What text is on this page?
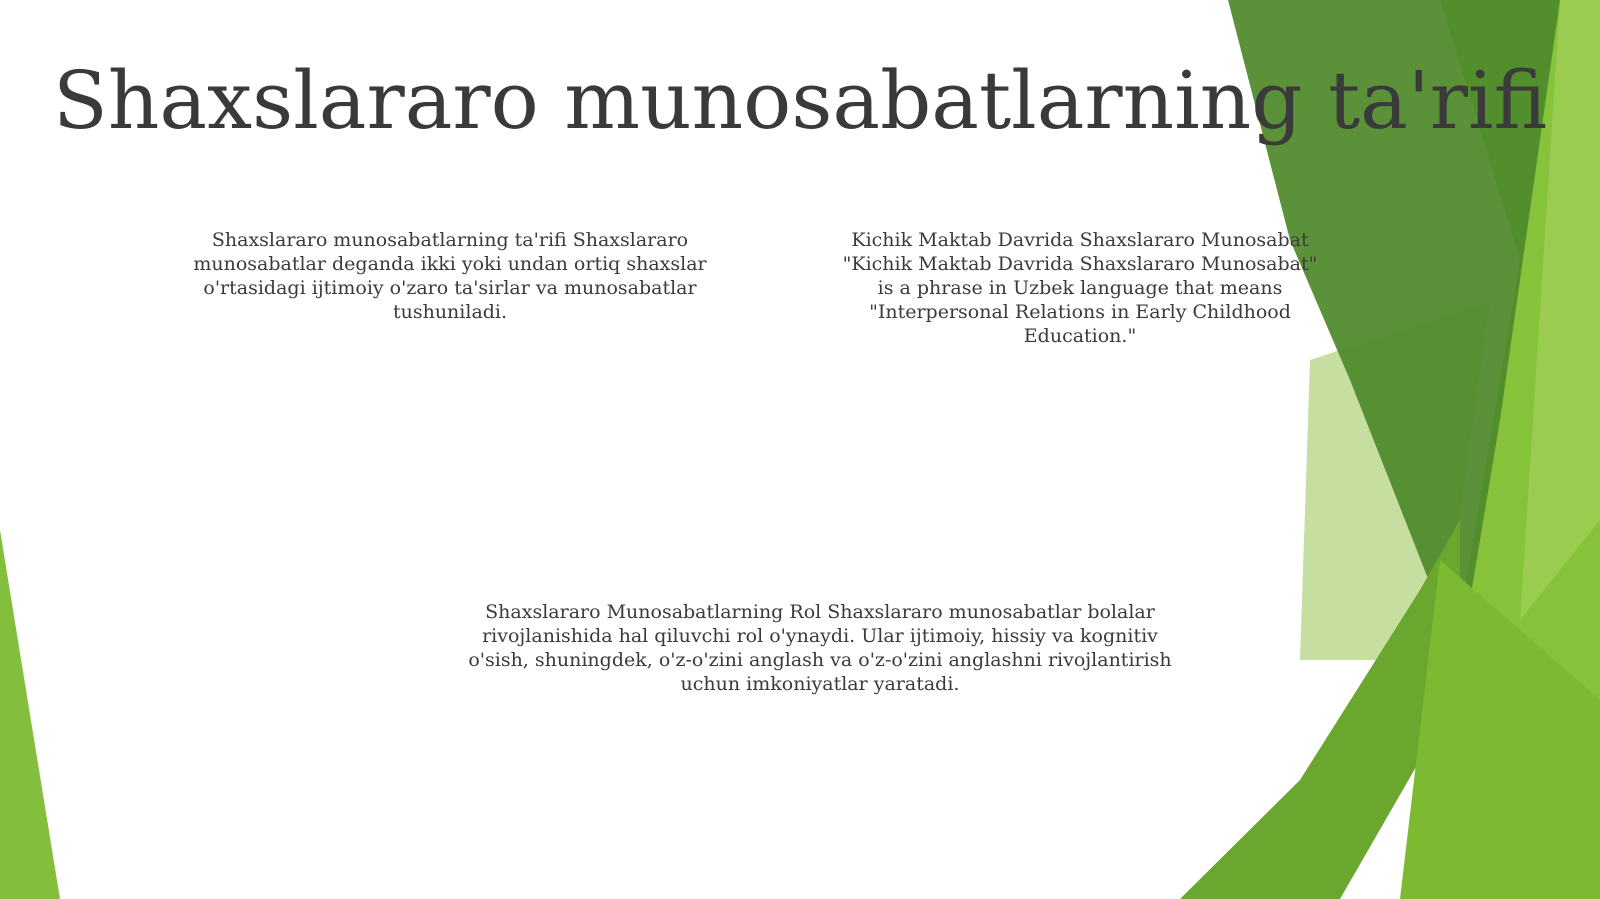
Shaxslararo munosabatlarning ta'rifi

Shaxslararo munosabatlarning ta'rifi Shaxslararo munosabatlar deganda ikki yoki undan ortiq shaxslar o'rtasidagi ijtimoiy o'zaro ta'sirlar va munosabatlar tushuniladi.

Kichik Maktab Davrida Shaxslararo Munosabat "Kichik Maktab Davrida Shaxslararo Munosabat" is a phrase in Uzbek language that means "Interpersonal Relations in Early Childhood Education."

Shaxslararo Munosabatlarning Rol Shaxslararo munosabatlar bolalar rivojlanishida hal qiluvchi rol o'ynaydi. Ular ijtimoiy, hissiy va kognitiv o'sish, shuningdek, o'z-o'zini anglash va o'z-o'zini anglashni rivojlantirish uchun imkoniyatlar yaratadi.
